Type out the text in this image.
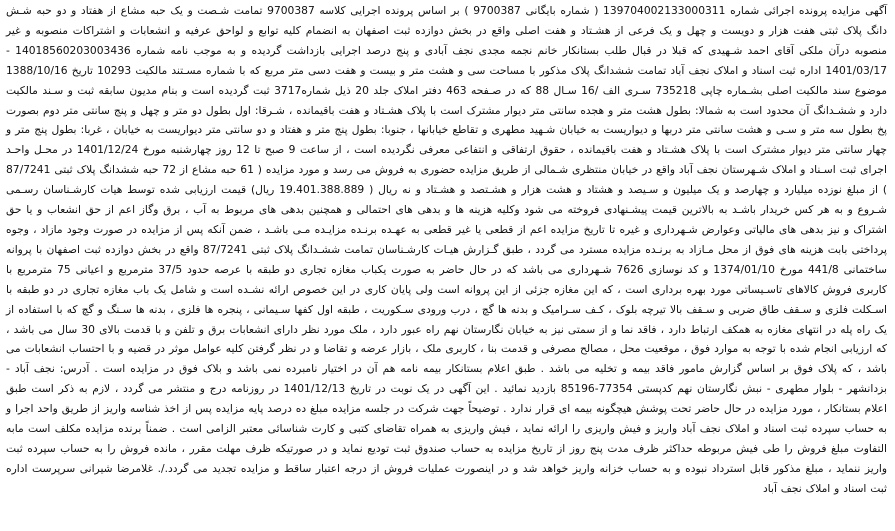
آگهی مزایده پرونده اجرائی شماره 139704002133000311 ( شماره بایگانی 9700387 ) بر اساس پرونده اجرایی کلاسه 9700387 تمامت شـصت و یک حبه مشاع از هفتاد و دو حبه شـش دانگ پلاک ثبتی هفت هزار و دویست و چهل و یک فرعی از هشـتاد و هفت اصلی واقع در بخش دوازده ثبت اصفهان به انضمام کلیه توابع و لواحق عرفیه و انشعابات و اشتراکات منصوبه و غیر منصوبه درآن ملکی آقای احمد شـهیدی که قبلا در قبال طلب بستانکار خانم نجمه مجدی نجف آبادی و پنج درصد اجرایی بازداشت گردیده و به موجب نامه شماره 14018560203003436 - 1401/03/17 اداره ثبت اسناد و املاک نجف آباد تمامت ششدانگ پلاک مذکور با مساحت سی و هشت متر و بیست و هفت دسی متر مربع که با شماره مسـتند مالکیت 10293 تاریخ 1388/10/16 موضوع سند مالکیت اصلی بشـماره چاپی 735218 سـری الف /16 سـال 88 که در صـفحه 463 دفتر املاک جلد 20 ذیل شماره3717 ثبت گردیده است و بنام مدیون سابقه ثبت و سـند مالکیت دارد و ششـدانگ آن محدود است به شمالا: بطول هشت متر و هجده سانتی متر دیوار مشترک است با پلاک هشـتاد و هفت باقیمانده ، شـرقا: اول بطول دو متر و چهل و پنج سانتی متر دوم بصورت پخ بطول سه متر و سـی و هشت سانتی متر دربها و دیواریست به خیابان شـهید مطهری و تقاطع خیابانها ، جنوبا: بطول پنج متر و هفتاد و دو سانتی متر دیواریست به خیابان ، غربا: بطول پنج متر و چهار سانتی متر دیوار مشترک است با پلاک هشـتاد و هفت باقیمانده ، حقوق ارتفاقی و انتفاعی معرفی نگردیده است ، از ساعت 9 صبح تا 12 روز چهارشنبه مورخ 1401/12/24 در محـل واحـد اجرای ثبت اسـناد و املاک شـهرستان نجف آباد واقع در خیابان منتظری شـمالی از طریق مزایده حضوری به فروش می رسد و مورد مزایده ( 61 حبه مشاع از 72 حبه ششدانگ پلاک ثبتی 87/7241 ) از مبلغ نوزده میلیارد و چهارصد و یک میلیون و سـیصد و هشتاد و هشت هزار و هشـتصد و هشـتاد و نه ریال ( 19.401.388.889 ریال) قیمت ارزیابی شده توسط هیات کارشـناسان رسـمی شـروع و به هر کس خریدار باشـد به بالاترین قیمت پیشـنهادی فروخته می شود وکلیه هزینه ها و بدهی های احتمالی و همچنین بدهی های مربوط به آب ، برق وگاز اعم از حق انشعاب و یا حق اشتراک و نیز بدهی های مالیاتی وعوارض شـهرداری و غیره تا تاریخ مزایده اعم از قطعی یا غیر قطعی به عهـده برنـده مزایـده مـی باشـد ، ضمن آنکه پس از مزایده در صورت وجود مازاد ، وجوه پرداختی بابت هزینه های فوق از محل مـازاد به برنـده مزایده مسترد می گردد ، طبق گـزارش هیـات کارشـناسان تمامت ششـدانگ پلاک ثبتی 87/7241 واقع در بخش دوازده ثبت اصفهان با پروانه ساختمانی 441/8 مورخ 1374/01/10 و کد نوسازی 7626 شـهرداری می باشد که در حال حاضر به صورت یکباب مغازه تجاری دو طبقه با عرصه حدود 37/5 مترمربع و اعیانی 75 مترمربع با کاربری فروش کالاهای تاسـیساتی مورد بهره برداری است ، که این مغازه جزئی از این پروانه است ولی پایان کاری در این خصوص ارائه نشـده است و شامل یک باب مغازه تجاری در دو طبقه با اسـکلت فلزی و سـقف طاق ضربی و سـقف بالا تیرچه بلوک ، کـف سـرامیک و بدنه ها گچ ، درب ورودی سـکوریت ، طبقه اول کفها سـیمانی ، پنجره ها فلزی ، بدنه ها سـنگ و گچ که با استفاده از یک راه پله در انتهای مغازه به همکف ارتباط دارد ، فاقد نما و از سمتی نیز به خیابان نگارستان نهم راه عبور دارد ، ملک مورد نظر دارای انشعابات برق و تلفن و با قدمت بالای 30 سال می باشد ، که ارزیابی انجام شده با توجه به موارد فوق ، موقعیت محل ، مصالح مصرفی و قدمت بنا ، کاربری ملک ، بازار عرضه و تقاضا و در نظر گرفتن کلیه عوامل موثر در قضیه و با احتساب انشعابات می باشد ، که پلاک فوق بر اساس گزارش مامور فاقد بیمه و تخلیه می باشد . طبق اعلام بستانکار بیمه نامه هم آن در اختیار نامبرده نمی باشد و بلاک فوق در مزایده است . آدرس: نجف آباد - بزدانشهر - بلوار مطهری - نبش نگارستان نهم کدپستی 77354-85196 بازدید نمائید . این آگهی در یک نوبت در تاریخ 1401/12/13 در روزنامه درج و منتشر می گردد ، لازم به ذکر است طبق اعلام بستانکار ، مورد مزایده در حال حاضر تحت پوشش هیچگونه بیمه ای قرار ندارد . توضیحاً جهت شرکت در جلسه مزایده مبلغ ده درصد پایه مزایده پس از اخذ شناسه واریز از طریق واحد اجرا و به حساب سپرده ثبت اسناد و املاک نجف آباد واریز و فیش واریزی را ارائه نماید ، فیش واریزی به همراه تقاضای کتبی و کارت شناسائی معتبر الزامی است . ضمناً برنده مزایده مکلف است مابه التفاوت مبلغ فروش را طی فیش مربوطه حداکثر ظرف مدت پنج روز از تاریخ مزایده به حساب صندوق ثبت تودیع نماید و در صورتیکه ظرف مهلت مقرر ، مانده فروش را به حساب سپرده ثبت واریز ننماید ، مبلغ مذکور قابل استرداد نبوده و به حساب خزانه واریز خواهد شد و در اینصورت عملیات فروش از درجه اعتبار ساقط و مزایده تجدید می گردد./. غلامرضا شیرانی سرپرست اداره ثبت اسناد و املاک نجف آباد
